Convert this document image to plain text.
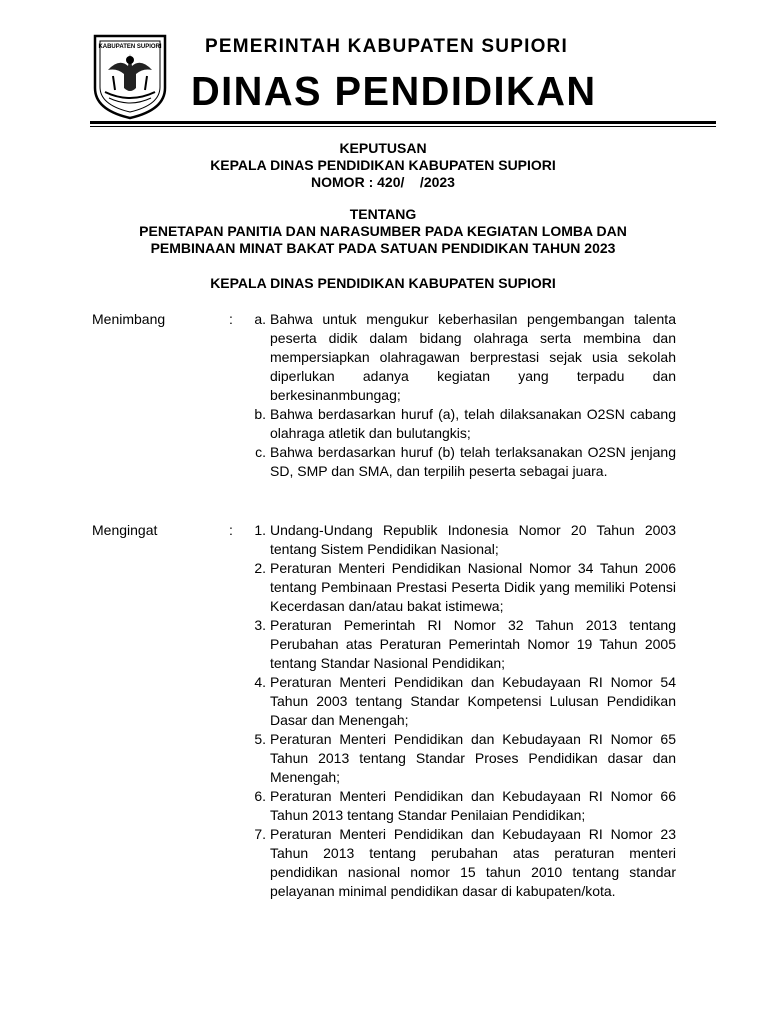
KABUPATEN SUPIORI PEMERINTAH KABUPATEN SUPIORI
DINAS PENDIDIKAN
KEPUTUSAN
KEPALA DINAS PENDIDIKAN KABUPATEN SUPIORI
NOMOR : 420/    /2023
TENTANG
PENETAPAN PANITIA DAN NARASUMBER PADA KEGIATAN LOMBA DAN
PEMBINAAN MINAT BAKAT PADA SATUAN PENDIDIKAN TAHUN 2023
KEPALA DINAS PENDIDIKAN KABUPATEN SUPIORI
Menimbang	:	a. Bahwa untuk mengukur keberhasilan pengembangan talenta peserta didik dalam bidang olahraga serta membina dan mempersiapkan olahragawan berprestasi sejak usia sekolah diperlukan adanya kegiatan yang terpadu dan berkesinanmbungag;
b. Bahwa berdasarkan huruf (a), telah dilaksanakan O2SN cabang olahraga atletik dan bulutangkis;
c. Bahwa berdasarkan huruf (b) telah terlaksanakan O2SN jenjang SD, SMP dan SMA, dan terpilih peserta sebagai juara.
Mengingat	:	1. Undang-Undang Republik Indonesia Nomor 20 Tahun 2003 tentang Sistem Pendidikan Nasional;
2. Peraturan Menteri Pendidikan Nasional Nomor 34 Tahun 2006 tentang Pembinaan Prestasi Peserta Didik yang memiliki Potensi Kecerdasan dan/atau bakat istimewa;
3. Peraturan Pemerintah RI Nomor 32 Tahun 2013 tentang Perubahan atas Peraturan Pemerintah Nomor 19 Tahun 2005 tentang Standar Nasional Pendidikan;
4. Peraturan Menteri Pendidikan dan Kebudayaan RI Nomor 54 Tahun 2003 tentang Standar Kompetensi Lulusan Pendidikan Dasar dan Menengah;
5. Peraturan Menteri Pendidikan dan Kebudayaan RI Nomor 65 Tahun 2013 tentang Standar Proses Pendidikan dasar dan Menengah;
6. Peraturan Menteri Pendidikan dan Kebudayaan RI Nomor 66 Tahun 2013 tentang Standar Penilaian Pendidikan;
7. Peraturan Menteri Pendidikan dan Kebudayaan RI Nomor 23 Tahun 2013 tentang perubahan atas peraturan menteri pendidikan nasional nomor 15 tahun 2010 tentang standar pelayanan minimal pendidikan dasar di kabupaten/kota.
